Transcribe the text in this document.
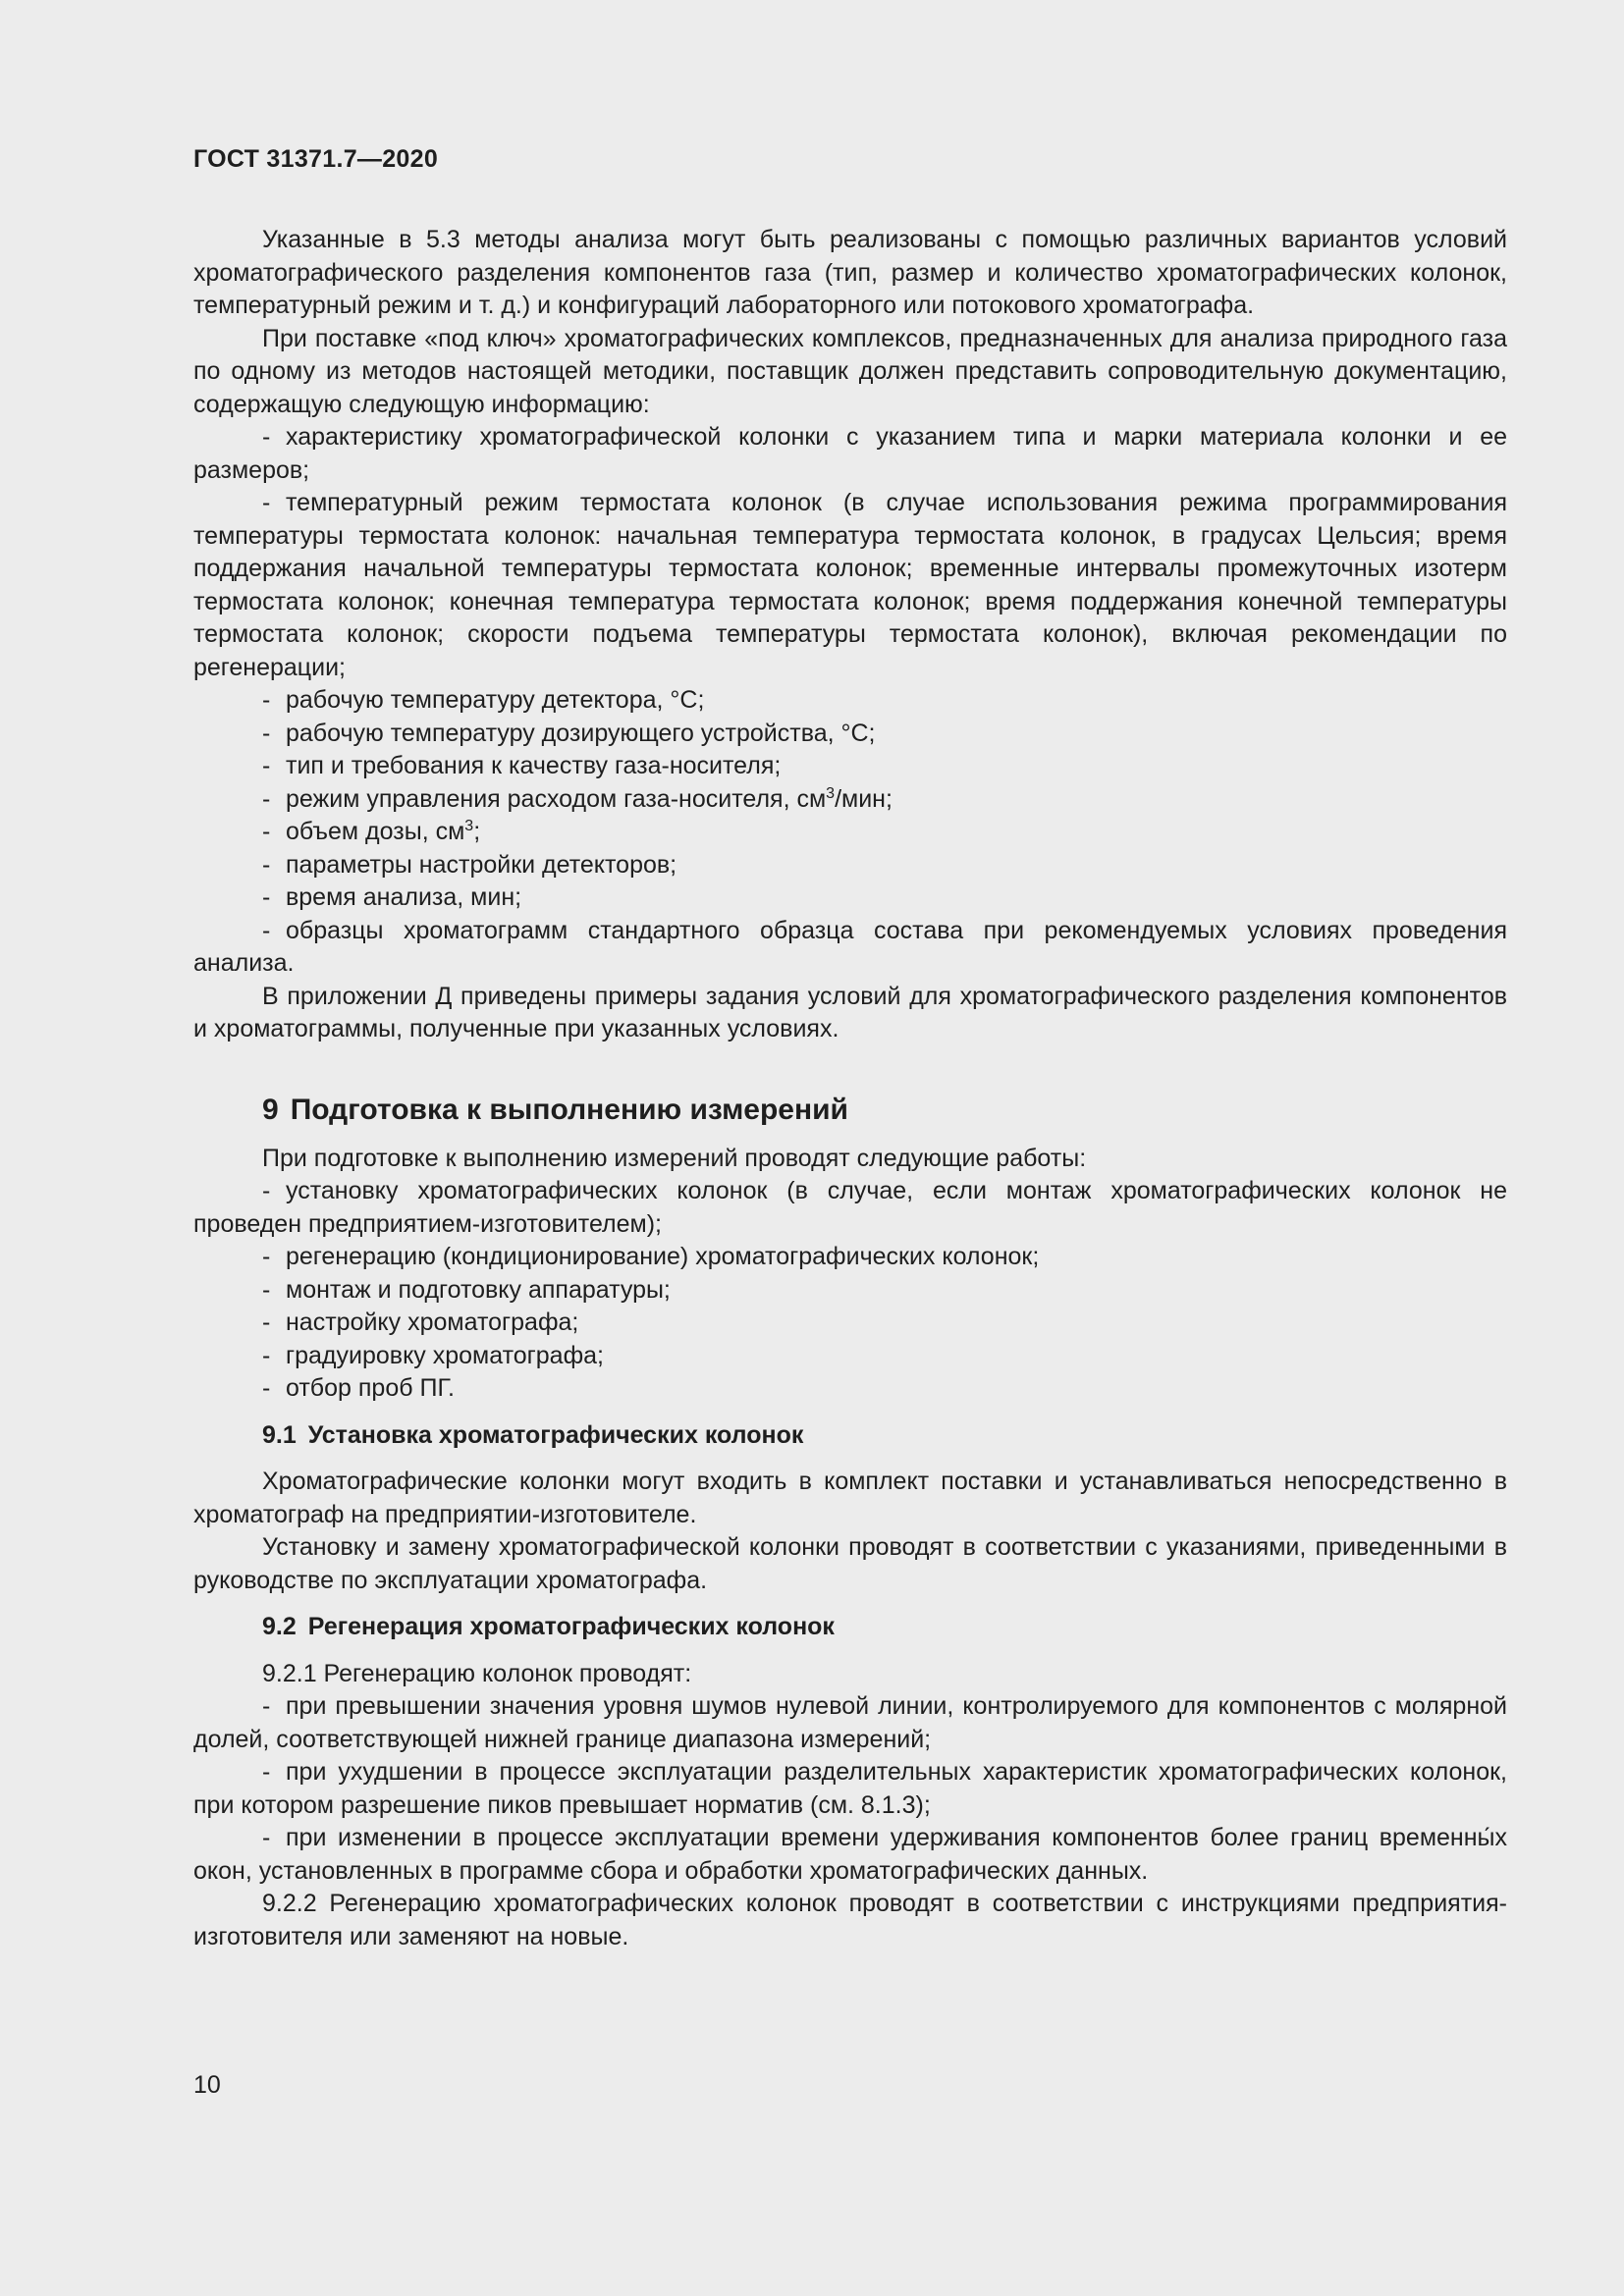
ГОСТ 31371.7—2020

Указанные в 5.3 методы анализа могут быть реализованы с помощью различных вариантов условий хроматографического разделения компонентов газа (тип, размер и количество хроматографических колонок, температурный режим и т. д.) и конфигураций лабораторного или потокового хроматографа.

При поставке «под ключ» хроматографических комплексов, предназначенных для анализа природного газа по одному из методов настоящей методики, поставщик должен представить сопроводительную документацию, содержащую следующую информацию:

- характеристику хроматографической колонки с указанием типа и марки материала колонки и ее размеров;

- температурный режим термостата колонок (в случае использования режима программирования температуры термостата колонок: начальная температура термостата колонок, в градусах Цельсия; время поддержания начальной температуры термостата колонок; временные интервалы промежуточных изотерм термостата колонок; конечная температура термостата колонок; время поддержания конечной температуры термостата колонок; скорости подъема температуры термостата колонок), включая рекомендации по регенерации;

- рабочую температуру детектора, °С;

- рабочую температуру дозирующего устройства, °С;

- тип и требования к качеству газа-носителя;

- режим управления расходом газа-носителя, $см^3$/мин;

- объем дозы, $см^3$;

- параметры настройки детекторов;

- время анализа, мин;

- образцы хроматограмм стандартного образца состава при рекомендуемых условиях проведения анализа.

В приложении Д приведены примеры задания условий для хроматографического разделения компонентов и хроматограммы, полученные при указанных условиях.

9 Подготовка к выполнению измерений

При подготовке к выполнению измерений проводят следующие работы:

- установку хроматографических колонок (в случае, если монтаж хроматографических колонок не проведен предприятием-изготовителем);

- регенерацию (кондиционирование) хроматографических колонок;

- монтаж и подготовку аппаратуры;

- настройку хроматографа;

- градуировку хроматографа;

- отбор проб ПГ.

9.1 Установка хроматографических колонок

Хроматографические колонки могут входить в комплект поставки и устанавливаться непосредственно в хроматограф на предприятии-изготовителе.

Установку и замену хроматографической колонки проводят в соответствии с указаниями, приведенными в руководстве по эксплуатации хроматографа.

9.2 Регенерация хроматографических колонок

9.2.1 Регенерацию колонок проводят:

- при превышении значения уровня шумов нулевой линии, контролируемого для компонентов с молярной долей, соответствующей нижней границе диапазона измерений;

- при ухудшении в процессе эксплуатации разделительных характеристик хроматографических колонок, при котором разрешение пиков превышает норматив (см. 8.1.3);

- при изменении в процессе эксплуатации времени удерживания компонентов более границ временны́х окон, установленных в программе сбора и обработки хроматографических данных.

9.2.2 Регенерацию хроматографических колонок проводят в соответствии с инструкциями предприятия-изготовителя или заменяют на новые.

10
